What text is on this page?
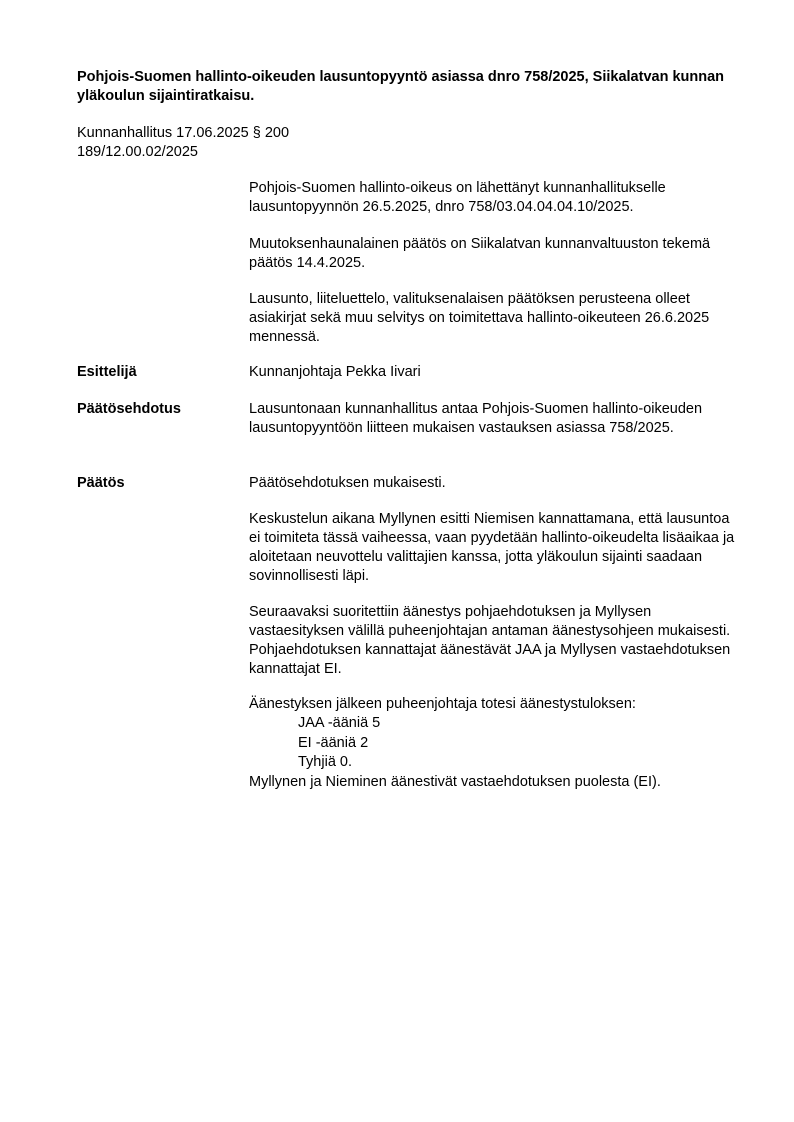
Pohjois-Suomen hallinto-oikeuden lausuntopyyntö asiassa dnro 758/2025, Siikalatvan kunnan yläkoulun sijaintiratkaisu.
Kunnanhallitus 17.06.2025 § 200
189/12.00.02/2025
Pohjois-Suomen hallinto-oikeus on lähettänyt kunnanhallitukselle lausuntopyynnön 26.5.2025, dnro 758/03.04.04.04.10/2025.
Muutoksenhaunalainen päätös on Siikalatvan kunnanvaltuuston tekemä päätös 14.4.2025.
Lausunto, liiteluettelo, valituksenalaisen päätöksen perusteena olleet asiakirjat sekä muu selvitys on toimitettava hallinto-oikeuteen 26.6.2025 mennessä.
Esittelijä	Kunnanjohtaja Pekka Iivari
Päätösehdotus	Lausuntonaan kunnanhallitus antaa Pohjois-Suomen hallinto-oikeuden lausuntopyyntöön liitteen mukaisen vastauksen asiassa 758/2025.
Päätös	Päätösehdotuksen mukaisesti.
Keskustelun aikana Myllynen esitti Niemisen kannattamana, että lausuntoa ei toimiteta tässä vaiheessa, vaan pyydetään hallinto-oikeudelta lisäaikaa ja aloitetaan neuvottelu valittajien kanssa, jotta yläkoulun sijainti saadaan sovinnollisesti läpi.
Seuraavaksi suoritettiin äänestys pohjaehdotuksen ja Myllysen vastaesityksen välillä puheenjohtajan antaman äänestysohjeen mukaisesti. Pohjaehdotuksen kannattajat äänestävät JAA ja Myllysen vastaehdotuksen kannattajat EI.
Äänestyksen jälkeen puheenjohtaja totesi äänestystuloksen:
JAA -ääniä 5
EI -ääniä 2
Tyhjiä 0.
Myllynen ja Nieminen äänestivät vastaehdotuksen puolesta (EI).
